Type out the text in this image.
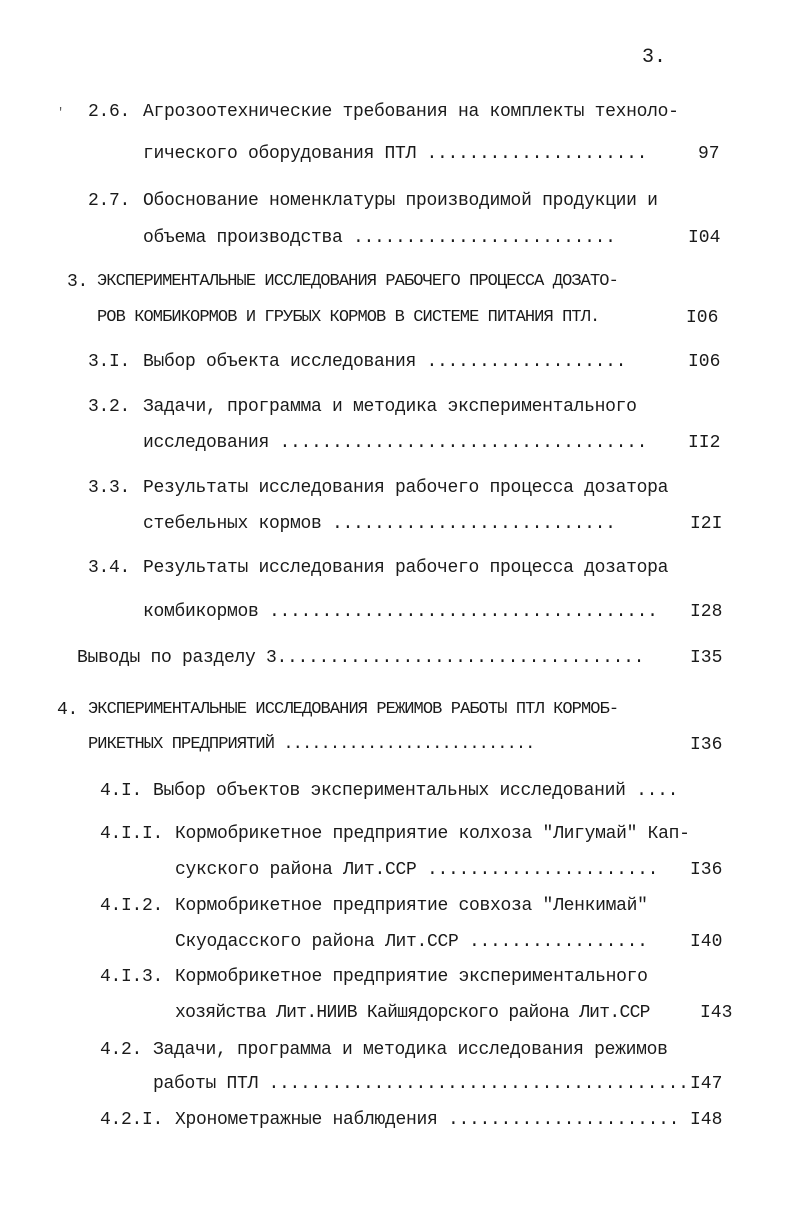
3.
' 2.6. Агрозоотехнические требования на комплекты техноло-
гического оборудования ПТЛ .....................	97
2.7. Обоснование номенклатуры производимой продукции и
объема производства .........................	I04
3. ЭКСПЕРИМЕНТАЛЬНЫЕ ИССЛЕДОВАНИЯ РАБОЧЕГО ПРОЦЕССА ДОЗАТО-
РОВ КОМБИКОРМОВ И ГРУБЫХ КОРМОВ В СИСТЕМЕ ПИТАНИЯ ПТЛ.	I06
3.I. Выбор объекта исследования ...................	I06
3.2. Задачи, программа и методика экспериментального
исследования ................................... II2
3.3. Результаты исследования рабочего процесса дозатора
стебельных кормов ...........................	I2I
3.4. Результаты исследования рабочего процесса дозатора
комбикормов ..................................... I28
Выводы по разделу 3...................................	I35
4. ЭКСПЕРИМЕНТАЛЬНЫЕ ИССЛЕДОВАНИЯ РЕЖИМОВ РАБОТЫ ПТЛ КОРМОБ-
РИКЕТНЫХ ПРЕДПРИЯТИЙ ...........................	I36
4.I. Выбор объектов экспериментальных исследований ....
4.I.I. Кормобрикетное предприятие колхоза "Лигумай" Кап-
сукского района Лит.ССР ...................... I36
4.I.2. Кормобрикетное предприятие совхоза "Ленкимай"
Скуодасского района Лит.ССР ................. I40
4.I.3. Кормобрикетное предприятие экспериментального
хозяйства Лит.НИИВ Кайшядорского района Лит.ССР	I43
4.2. Задачи, программа и методика исследования режимов
работы ПТЛ ........................................ I47
4.2.I. Хронометражные наблюдения ...................... I48
